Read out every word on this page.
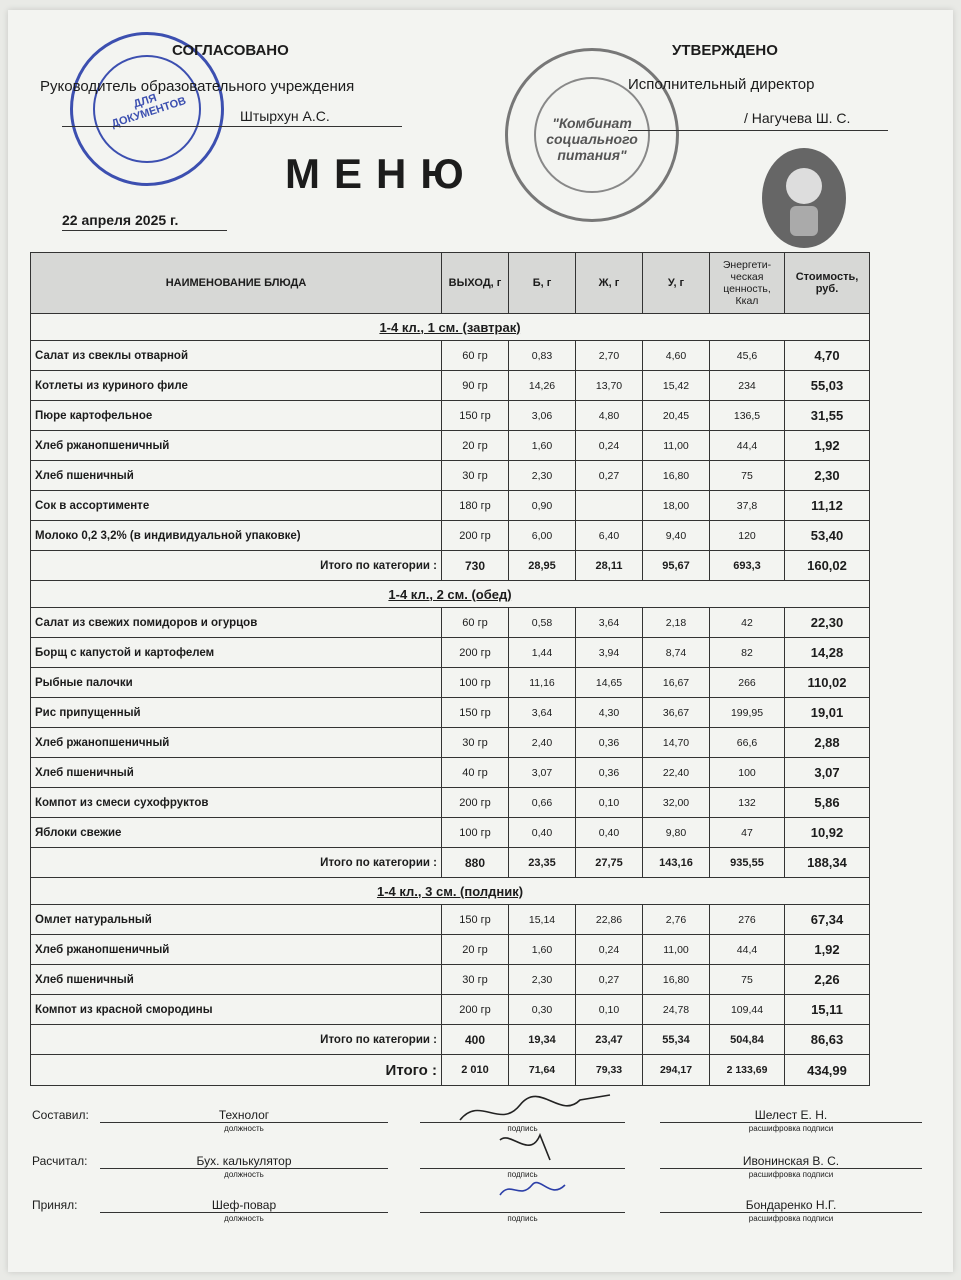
ДЛЯ ДОКУМЕНТОВ	"Комбинат социального питания"
СОГЛАСОВАНО
Руководитель образовательного учреждения
Штырхун А.С.
УТВЕРЖДЕНО
Исполнительный директор
/ Нагучева Ш. С.
МЕНЮ
22 апреля 2025 г.
НАИМЕНОВАНИЕ БЛЮДА	ВЫХОД, г	Б, г	Ж, г	У, г	Энергети-ческая ценность, Ккал	Стоимость, руб.
1-4 кл., 1 см. (завтрак)						
Салат из свеклы отварной	60 гр	0,83	2,70	4,60	45,6	4,70
Котлеты из куриного филе	90 гр	14,26	13,70	15,42	234	55,03
Пюре картофельное	150 гр	3,06	4,80	20,45	136,5	31,55
Хлеб ржанопшеничный	20 гр	1,60	0,24	11,00	44,4	1,92
Хлеб пшеничный	30 гр	2,30	0,27	16,80	75	2,30
Сок в ассортименте	180 гр	0,90		18,00	37,8	11,12
Молоко 0,2 3,2% (в индивидуальной упаковке)	200 гр	6,00	6,40	9,40	120	53,40
Итого по категории :	730	28,95	28,11	95,67	693,3	160,02
1-4 кл., 2 см. (обед)						
Салат из свежих помидоров и огурцов	60 гр	0,58	3,64	2,18	42	22,30
Борщ с капустой и картофелем	200 гр	1,44	3,94	8,74	82	14,28
Рыбные палочки	100 гр	11,16	14,65	16,67	266	110,02
Рис припущенный	150 гр	3,64	4,30	36,67	199,95	19,01
Хлеб ржанопшеничный	30 гр	2,40	0,36	14,70	66,6	2,88
Хлеб пшеничный	40 гр	3,07	0,36	22,40	100	3,07
Компот из смеси сухофруктов	200 гр	0,66	0,10	32,00	132	5,86
Яблоки свежие	100 гр	0,40	0,40	9,80	47	10,92
Итого по категории :	880	23,35	27,75	143,16	935,55	188,34
1-4 кл., 3 см. (полдник)						
Омлет натуральный	150 гр	15,14	22,86	2,76	276	67,34
Хлеб ржанопшеничный	20 гр	1,60	0,24	11,00	44,4	1,92
Хлеб пшеничный	30 гр	2,30	0,27	16,80	75	2,26
Компот из красной смородины	200 гр	0,30	0,10	24,78	109,44	15,11
Итого по категории :	400	19,34	23,47	55,34	504,84	86,63
Итого :	2 010	71,64	79,33	294,17	2 133,69	434,99
Составил:	Технолог
должность	подпись
Шелест Е. Н.
расшифровка подписи
Расчитал:	Бух. калькулятор
должность	подпись
Ивонинская В. С.
расшифровка подписи
Принял:	Шеф-повар
должность	подпись
Бондаренко Н.Г.
расшифровка подписи
